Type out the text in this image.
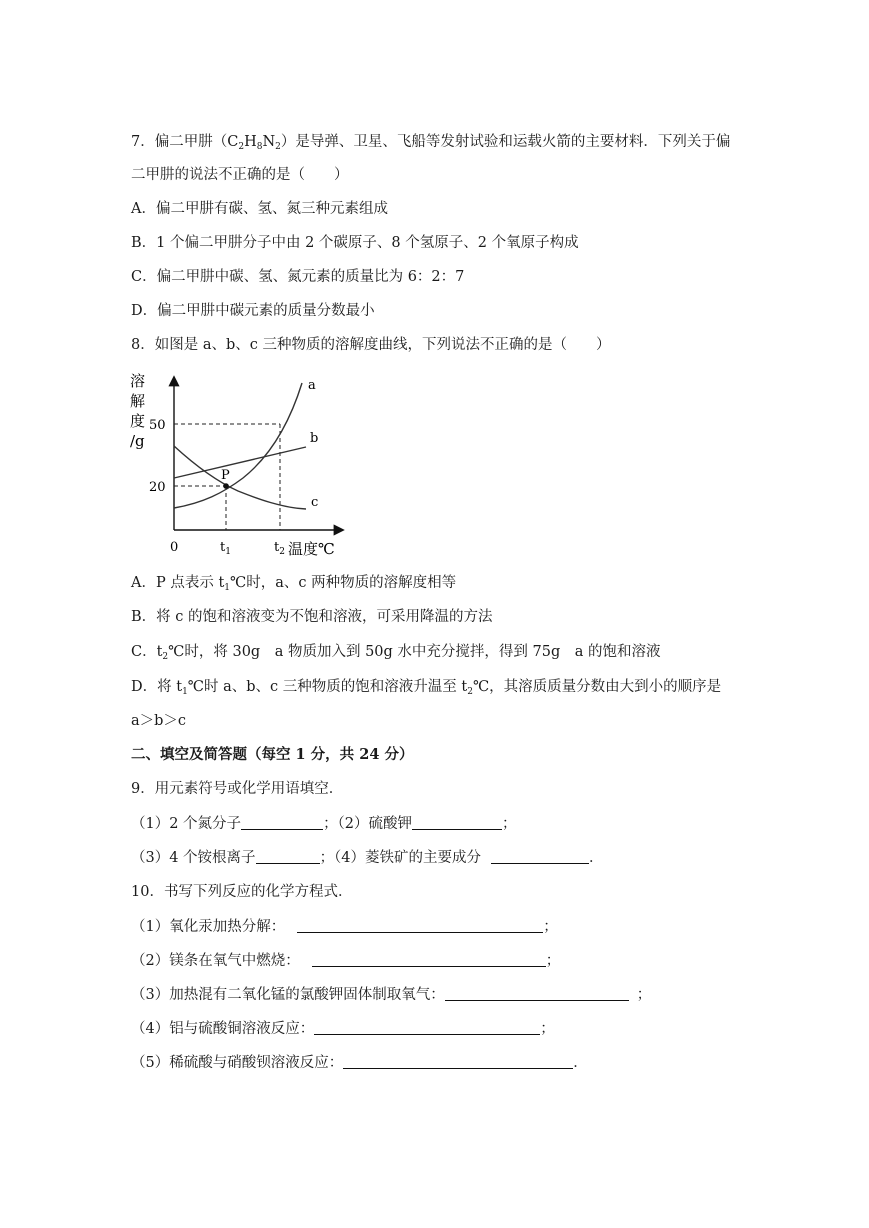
7．偏二甲肼$(C_2H_8N_2)$是导弹、卫星、飞船等发射试验和运载火箭的主要材料．下列关于偏
二甲肼的说法不正确的是（　　）
A．偏二甲肼有碳、氢、氮三种元素组成
B．1 个偏二甲肼分子中由 2 个碳原子、8 个氢原子、2 个氧原子构成
C．偏二甲肼中碳、氢、氮元素的质量比为 6：2：7
D．偏二甲肼中碳元素的质量分数最小
8．如图是 a、b、c 三种物质的溶解度曲线，下列说法不正确的是（　　）
溶
解
度
/g
50
20
0	$t_1$	$t_2$ 温度℃
P
a
b
c
A．P 点表示 $t_1℃$时，a、c 两种物质的溶解度相等
B．将 c 的饱和溶液变为不饱和溶液，可采用降温的方法
C．$t_2℃$时，将 30g　a 物质加入到 50g 水中充分搅拌，得到 75g　a 的饱和溶液
D．将 $t_1℃$时 a、b、c 三种物质的饱和溶液升温至 $t_2℃$，其溶质质量分数由大到小的顺序是
a＞b＞c
二、填空及简答题（每空 1 分，共 24 分）
9．用元素符号或化学用语填空．
（1）2 个氮分子	；（2）硫酸钾	；
（3）4 个铵根离子	；（4）菱铁矿的主要成分	．
10．书写下列反应的化学方程式．
（1）氧化汞加热分解：	；
（2）镁条在氧气中燃烧：	；
（3）加热混有二氧化锰的氯酸钾固体制取氧气：	；
（4）铝与硫酸铜溶液反应：	；
（5）稀硫酸与硝酸钡溶液反应：	．
